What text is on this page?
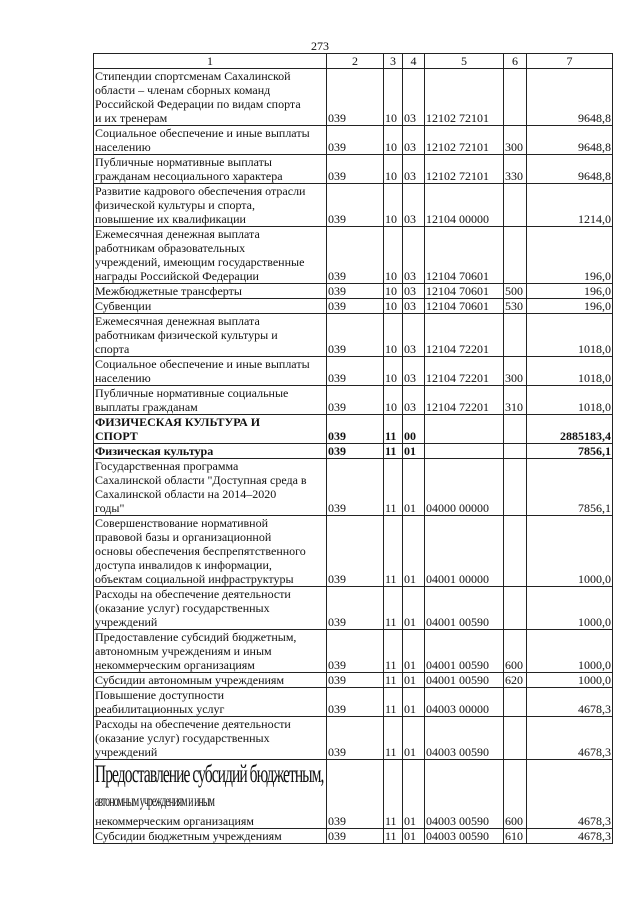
273
1	2	3	4	5	6	7
Стипендии спортсменам Сахалинской
области – членам сборных команд
Российской Федерации по видам спорта
и их тренерам	039	10	03	12102 72101		9648,8
Социальное обеспечение и иные выплаты
населению	039	10	03	12102 72101	300	9648,8
Публичные нормативные выплаты
гражданам несоциального характера	039	10	03	12102 72101	330	9648,8
Развитие кадрового обеспечения отрасли
физической культуры и спорта,
повышение их квалификации	039	10	03	12104 00000		1214,0
Ежемесячная денежная выплата
работникам образовательных
учреждений, имеющим государственные
награды Российской Федерации	039	10	03	12104 70601		196,0
Межбюджетные трансферты	039	10	03	12104 70601	500	196,0
Субвенции	039	10	03	12104 70601	530	196,0
Ежемесячная денежная выплата
работникам физической культуры и
спорта	039	10	03	12104 72201		1018,0
Социальное обеспечение и иные выплаты
населению	039	10	03	12104 72201	300	1018,0
Публичные нормативные социальные
выплаты гражданам	039	10	03	12104 72201	310	1018,0
ФИЗИЧЕСКАЯ КУЛЬТУРА И
СПОРТ	039	11	00			2885183,4
Физическая культура	039	11	01			7856,1
Государственная программа
Сахалинской области "Доступная среда в
Сахалинской области на 2014–2020
годы"	039	11	01	04000 00000		7856,1
Совершенствование нормативной
правовой базы и организационной
основы обеспечения беспрепятственного
доступа инвалидов к информации,
объектам социальной инфраструктуры	039	11	01	04001 00000		1000,0
Расходы на обеспечение деятельности
(оказание услуг) государственных
учреждений	039	11	01	04001 00590		1000,0
Предоставление субсидий бюджетным,
автономным учреждениям и иным
некоммерческим организациям	039	11	01	04001 00590	600	1000,0
Субсидии автономным учреждениям	039	11	01	04001 00590	620	1000,0
Повышение доступности
реабилитационных услуг	039	11	01	04003 00000		4678,3
Расходы на обеспечение деятельности
(оказание услуг) государственных
учреждений	039	11	01	04003 00590		4678,3

Предоставление субсидий бюджетным,
автономным учреждениям и иным
некоммерческим организациям	039	11	01	04003 00590	600	4678,3
Субсидии бюджетным учреждениям	039	11	01	04003 00590	610	4678,3
